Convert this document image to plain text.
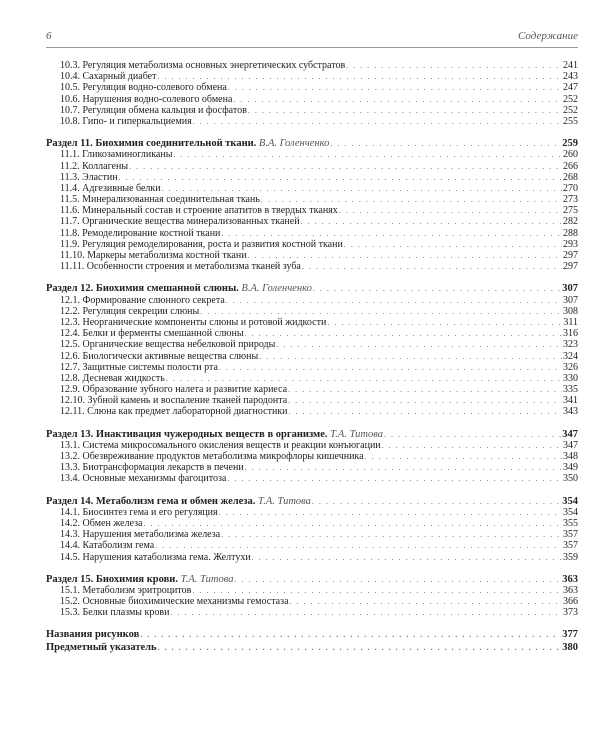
6	Содержание
10.3. Регуляция метаболизма основных энергетических субстратов . . .	241
10.4. Сахарный диабет . . .	243
10.5. Регуляция водно-солевого обмена . . .	247
10.6. Нарушения водно-солевого обмена . . .	252
10.7. Регуляция обмена кальция и фосфатов . . .	252
10.8. Гипо- и гиперкальциемия . . .	255
Раздел 11. Биохимия соединительной ткани. В.А. Голенченко . . .	259
11.1. Гликозаминогликаны . . .	260
11.2. Коллагены . . .	266
11.3. Эластин . . .	268
11.4. Адгезивные белки . . .	270
11.5. Минерализованная соединительная ткань . . .	273
11.6. Минеральный состав и строение апатитов в твердых тканях . . .	275
11.7. Органические вещества минерализованных тканей . . .	282
11.8. Ремоделирование костной ткани . . .	288
11.9. Регуляция ремоделирования, роста и развития костной ткани . . .	293
11.10. Маркеры метаболизма костной ткани . . .	297
11.11. Особенности строения и метаболизма тканей зуба . . .	297
Раздел 12. Биохимия смешанной слюны. В.А. Голенченко . . .	307
12.1. Формирование слюнного секрета . . .	307
12.2. Регуляция секреции слюны . . .	308
12.3. Неорганические компоненты слюны и ротовой жидкости . . .	311
12.4. Белки и ферменты смешанной слюны . . .	316
12.5. Органические вещества небелковой природы . . .	323
12.6. Биологически активные вещества слюны . . .	324
12.7. Защитные системы полости рта . . .	326
12.8. Десневая жидкость . . .	330
12.9. Образование зубного налета и развитие кариеса . . .	335
12.10. Зубной камень и воспаление тканей пародонта . . .	341
12.11. Слюна как предмет лабораторной диагностики . . .	343
Раздел 13. Инактивация чужеродных веществ в организме. Т.А. Титова . . .	347
13.1. Система микросомального окисления веществ и реакции конъюгации . . .	347
13.2. Обезвреживание продуктов метаболизма микрофлоры кишечника . . .	348
13.3. Биотрансформация лекарств в печени . . .	349
13.4. Основные механизмы фагоцитоза . . .	350
Раздел 14. Метаболизм гема и обмен железа. Т.А. Титова . . .	354
14.1. Биосинтез гема и его регуляция . . .	354
14.2. Обмен железа . . .	355
14.3. Нарушения метаболизма железа . . .	357
14.4. Катаболизм гема . . .	357
14.5. Нарушения катаболизма гема. Желтухи . . .	359
Раздел 15. Биохимия крови. Т.А. Титова . . .	363
15.1. Метаболизм эритроцитов . . .	363
15.2. Основные биохимические механизмы гемостаза . . .	366
15.3. Белки плазмы крови . . .	373
Названия рисунков . . .	377
Предметный указатель . . .	380
